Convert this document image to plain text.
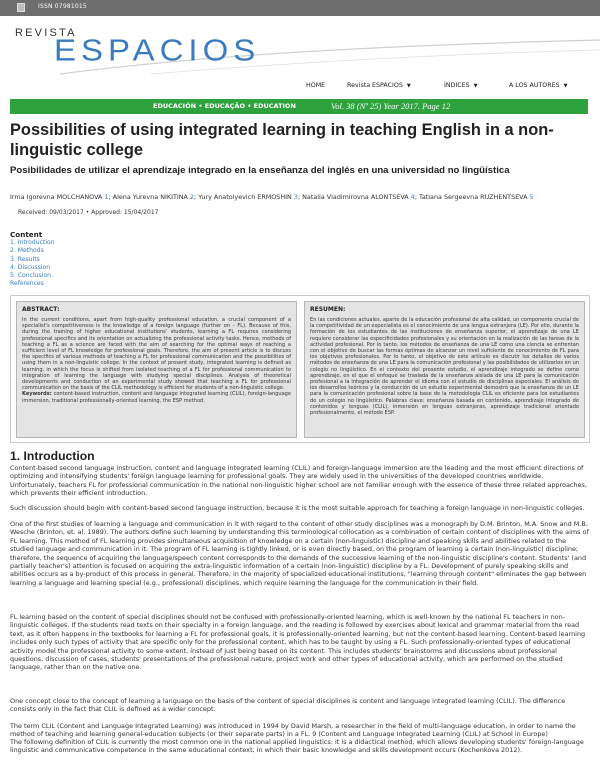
ISSN 07981015
REVISTA
ESPACIOS
HOME	Revista ESPACIOS ▼	ÍNDICES ▼	A LOS AUTORES ▼
EDUCACIÓN • EDUCAÇÃO • EDUCATION	Vol. 38 (Nº 25) Year 2017. Page 12
Possibilities of using integrated learning in teaching English in a non-linguistic college
Posibilidades de utilizar el aprendizaje integrado en la enseñanza del inglés en una universidad no lingüística
Irma Igorevna MOLCHANOVA 1; Alena Yurevna NIKITINA 2; Yury Anatolyevich ERMOSHIN 3; Natalia Vladimirovna ALONTSEVA 4; Tatiana Sergeevna RUZHENTSEVA 5
Received: 09/03/2017 • Approved: 15/04/2017
Content
1. Introduction
2. Methods
3. Results
4. Discussion
5. Conclusion
References
ABSTRACT:

In the current conditions, apart from high-quality professional education, a crucial component of a specialist's competitiveness is the knowledge of a foreign language (further on – FL). Because of this, during the training of higher educational institutions' students, learning a FL requires considering professional specifics and its orientation on actualizing the professional activity tasks. Hence, methods of teaching a FL as a science are faced with the aim of searching for the optimal ways of reaching a sufficient level of FL knowledge for professional goals. Therefore, the aim of present article is to discuss the specifics of various methods of teaching a FL for professional communication and the possibilities of using them in a non-linguistic college. In the context of present study, integrated learning is defined as learning, in which the focus is shifted from isolated teaching of a FL for professional communication to integration of learning the language with studying special disciplines. Analysis of theoretical developments and conduction of an experimental study showed that teaching a FL for professional communication on the basis of the CLIL methodology is efficient for students of a non-linguistic college.

Keywords: content-based instruction, content and language integrated learning (CLIL), foreign-language immersion, traditional professionally-oriented learning, the ESP method.

RESUMEN:

En las condiciones actuales, aparte de la educación profesional de alta calidad, un componente crucial de la competitividad de un especialista es el conocimiento de una lengua extranjera (LE). Por ello, durante la formación de los estudiantes de las instituciones de enseñanza superior, el aprendizaje de una LE requiere considerar las especificidades profesionales y su orientación en la realización de las tareas de la actividad profesional. Por lo tanto, los métodos de enseñanza de una LE como una ciencia se enfrentan con el objetivo de buscar las formas óptimas de alcanzar un nivel suficiente de conocimiento de FL para los objetivos profesionales. Por lo tanto, el objetivo de este artículo es discutir los detalles de varios métodos de enseñanza de una LE para la comunicación profesional y las posibilidades de utilizarlos en un colegio no lingüístico. En el contexto del presente estudio, el aprendizaje integrado se define como aprendizaje, en el que el enfoque se traslada de la enseñanza aislada de una LE para la comunicación profesional a la integración de aprender el idioma con el estudio de disciplinas especiales. El análisis de los desarrollos teóricos y la conducción de un estudio experimental demostró que la enseñanza de un LE para la comunicación profesional sobre la base de la metodología CLIL es eficiente para los estudiantes de un colegio no lingüístico. Palabras clave: enseñanza basada en contenido, aprendizaje integrado de contenidos y lenguas (CLIL), inmersión en lenguas extranjeras, aprendizaje tradicional orientado profesionalmente, el método ESP.

1. Introduction

Content-based second language instruction, content and language integrated learning (CLIL) and foreign-language immersion are the leading and the most efficient directions of optimizing and intensifying students' foreign language learning for professional goals. They are widely used in the universities of the developed countries worldwide. Unfortunately, teachers FL for professional communication in the national non-linguistic higher school are not familiar enough with the essence of these three related approaches, which prevents their efficient introduction.

Such discussion should begin with content-based second language instruction, because it is the most suitable approach for teaching a foreign language in non-linguistic colleges.

One of the first studies of learning a language and communication in it with regard to the content of other study disciplines was a monograph by D.M. Brinton, M.A. Snow and M.B. Wesche (Brinton, et. al. 1989). The authors define such learning by understanding this terminological collocation as a combination of certain content of disciplines with the aims of FL learning. This method of FL learning provides simultaneous acquisition of knowledge on a certain (non-linguistic) discipline and speaking skills and abilities related to the studied language and communication in it. The program of FL learning is tightly linked, or is even directly based, on the program of learning a certain (non-linguistic) discipline; therefore, the sequence of acquiring the language/speech content corresponds to the demands of the successive learning of the non-linguistic discipline's content. Students' (and partially teacher's) attention is focused on acquiring the extra-linguistic information of a certain (non-linguistic) discipline by a FL. Development of purely speaking skills and abilities occurs as a by-product of this process in general. Therefore, in the majority of specialized educational institutions, "learning through content" eliminates the gap between learning a language and learning special (e.g., professional) disciplines, which require learning the language for the communication in their field.

FL learning based on the content of special disciplines should not be confused with professionally-oriented learning, which is well-known by the national FL teachers in non-linguistic colleges. If the students read texts on their specialty in a foreign language, and the reading is followed by exercises about lexical and grammar material from the read text, as it often happens in the textbooks for learning a FL for professional goals, it is professionally-oriented learning, but not the content-based learning. Content-based learning includes only such types of activity that are specific only for the professional content, which has to be taught by using a FL. Such professionally-oriented types of educational activity model the professional activity to some extent, instead of just being based on its content. This includes students' brainstorms and discussions about professional questions, discussion of cases, students' presentations of the professional nature, project work and other types of educational activity, which are performed on the studied language, rather than on the native one.

One concept close to the concept of learning a language on the basis of the content of special disciplines is content and language integrated learning (CLIL). The difference consists only in the fact that CLIL is defined as a wider concept.

The term CLIL (Content and Language Integrated Learning) was introduced in 1994 by David Marsh, a researcher in the field of multi-language education, in order to name the method of teaching and learning general-education subjects (or their separate parts) in a FL. 9 (Content and Language Integrated Learning (CLIL) at School in Europe)

The following definition of CLIL is currently the most common one in the national applied linguistics: it is a didactical method, which allows developing students' foreign-language linguistic and communicative competence in the same educational context, in which their basic knowledge and skills development occurs (Kochenkova 2012).
